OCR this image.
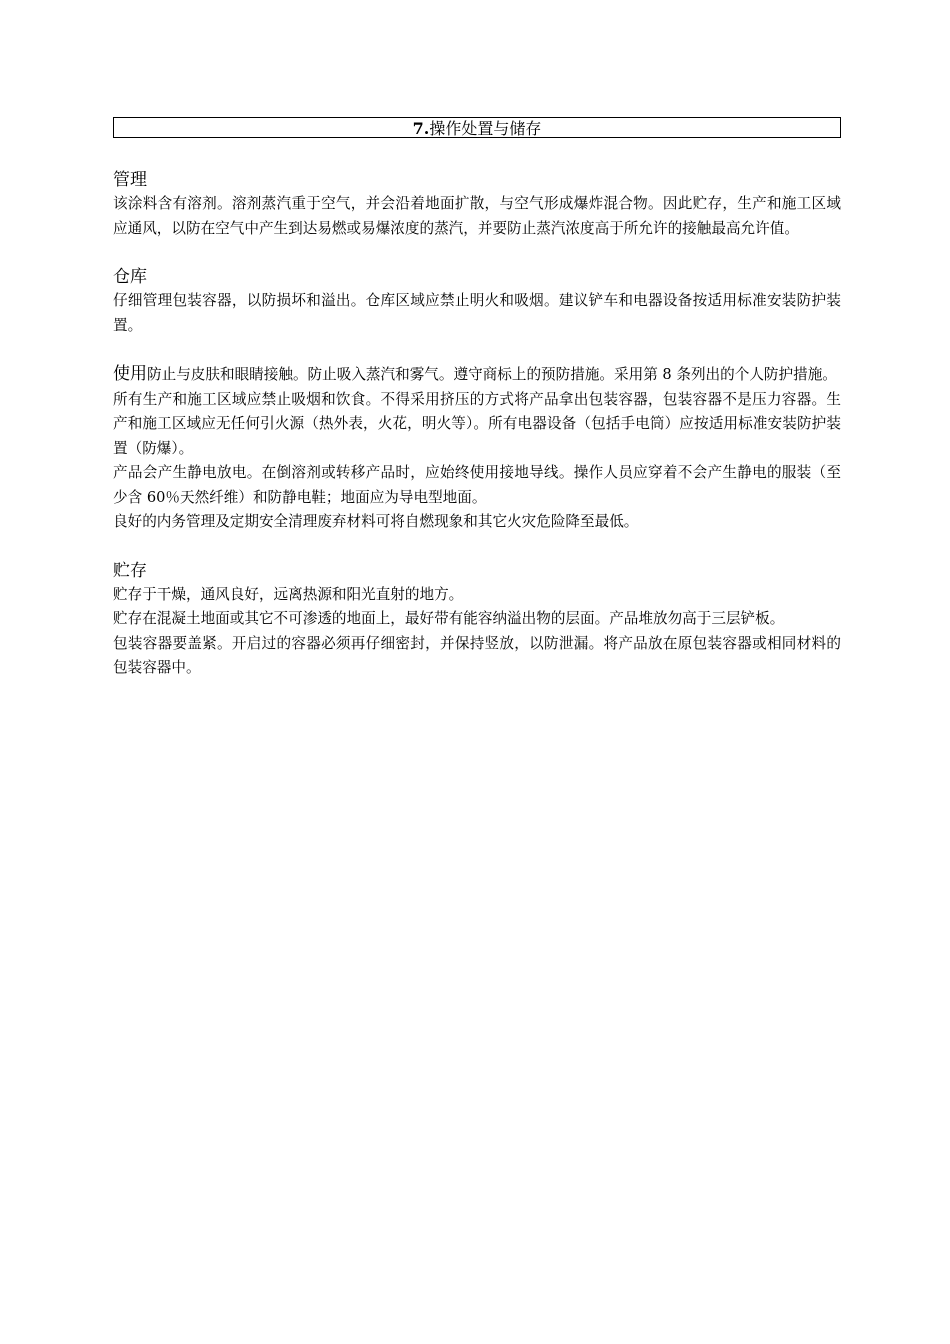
7.操作处置与储存
管理

该涂料含有溶剂。溶剂蒸汽重于空气，并会沿着地面扩散，与空气形成爆炸混合物。因此贮存，生产和施工区域应通风，以防在空气中产生到达易燃或易爆浓度的蒸汽，并要防止蒸汽浓度高于所允许的接触最高允许值。

仓库

仔细管理包装容器，以防损坏和溢出。仓库区域应禁止明火和吸烟。建议铲车和电器设备按适用标准安装防护装置。

使用防止与皮肤和眼睛接触。防止吸入蒸汽和雾气。遵守商标上的预防措施。采用第 8 条列出的个人防护措施。

所有生产和施工区域应禁止吸烟和饮食。不得采用挤压的方式将产品拿出包装容器，包装容器不是压力容器。生产和施工区域应无任何引火源（热外表，火花，明火等）。所有电器设备（包括手电筒）应按适用标准安装防护装置（防爆）。

产品会产生静电放电。在倒溶剂或转移产品时，应始终使用接地导线。操作人员应穿着不会产生静电的服装（至少含 60％天然纤维）和防静电鞋；地面应为导电型地面。

良好的内务管理及定期安全清理废弃材料可将自燃现象和其它火灾危险降至最低。

贮存

贮存于干燥，通风良好，远离热源和阳光直射的地方。

贮存在混凝土地面或其它不可渗透的地面上，最好带有能容纳溢出物的层面。产品堆放勿高于三层铲板。

包装容器要盖紧。开启过的容器必须再仔细密封，并保持竖放，以防泄漏。将产品放在原包装容器或相同材料的包装容器中。
